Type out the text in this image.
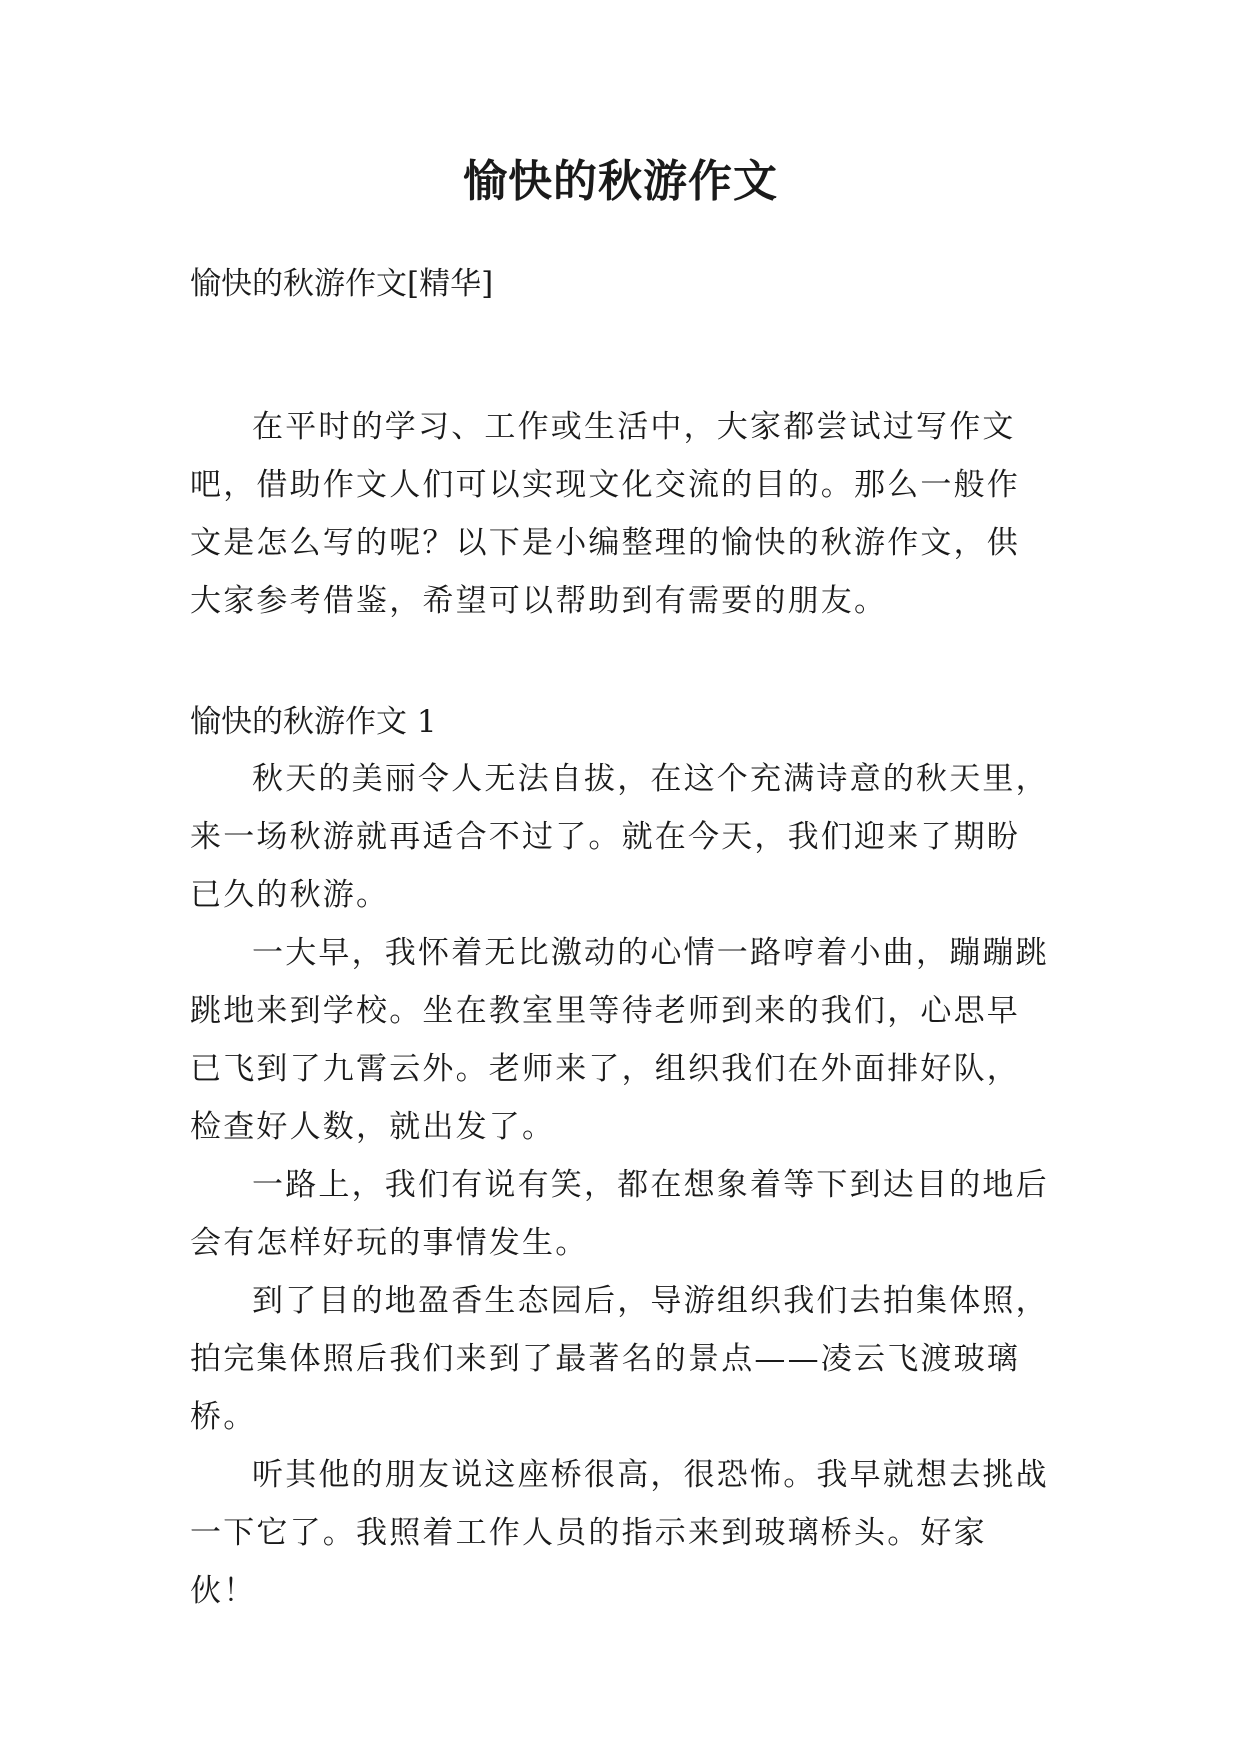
愉快的秋游作文
愉快的秋游作文[精华]

在平时的学习、工作或生活中，大家都尝试过写作文吧，借助作文人们可以实现文化交流的目的。那么一般作文是怎么写的呢？以下是小编整理的愉快的秋游作文，供大家参考借鉴，希望可以帮助到有需要的朋友。

愉快的秋游作文 1

秋天的美丽令人无法自拔，在这个充满诗意的秋天里，来一场秋游就再适合不过了。就在今天，我们迎来了期盼已久的秋游。

一大早，我怀着无比激动的心情一路哼着小曲，蹦蹦跳跳地来到学校。坐在教室里等待老师到来的我们，心思早已飞到了九霄云外。老师来了，组织我们在外面排好队，检查好人数，就出发了。

一路上，我们有说有笑，都在想象着等下到达目的地后会有怎样好玩的事情发生。

到了目的地盈香生态园后，导游组织我们去拍集体照，拍完集体照后我们来到了最著名的景点——凌云飞渡玻璃桥。

听其他的朋友说这座桥很高，很恐怖。我早就想去挑战一下它了。我照着工作人员的指示来到玻璃桥头。好家伙！
